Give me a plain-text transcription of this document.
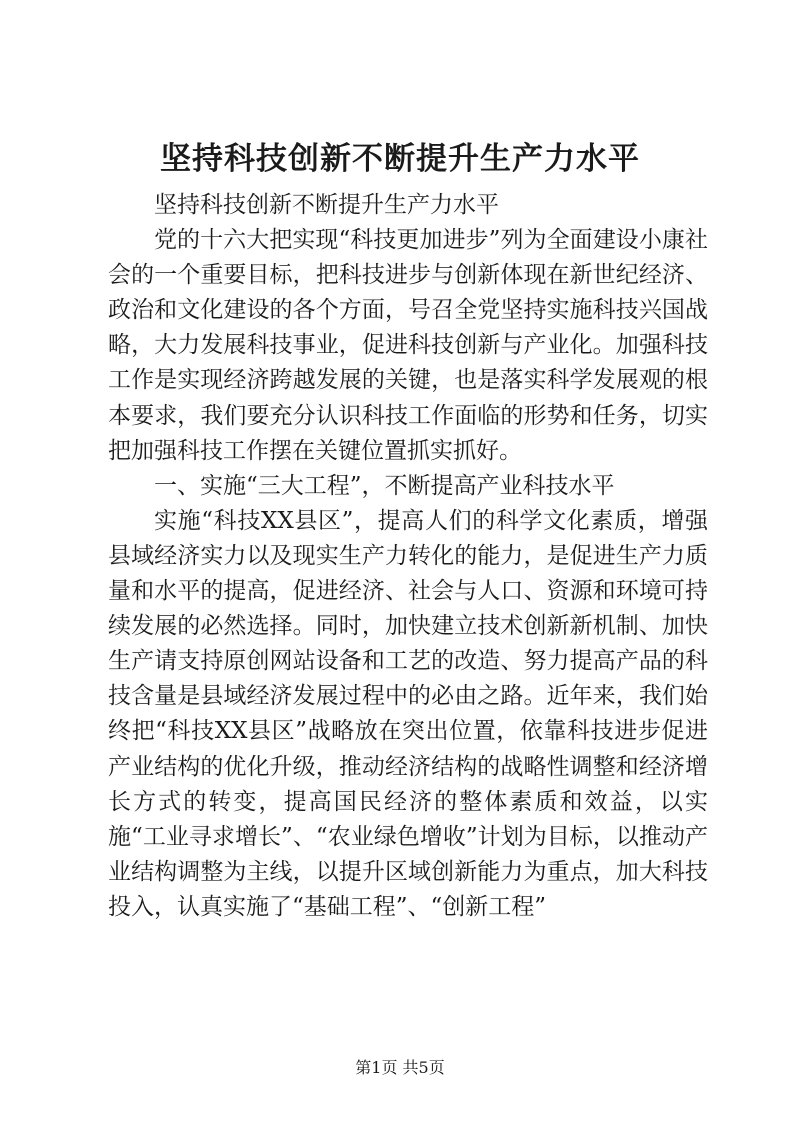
坚持科技创新不断提升生产力水平

坚持科技创新不断提升生产力水平

党的十六大把实现“科技更加进步”列为全面建设小康社会的一个重要目标，把科技进步与创新体现在新世纪经济、政治和文化建设的各个方面，号召全党坚持实施科技兴国战略，大力发展科技事业，促进科技创新与产业化。加强科技工作是实现经济跨越发展的关键，也是落实科学发展观的根本要求，我们要充分认识科技工作面临的形势和任务，切实把加强科技工作摆在关键位置抓实抓好。

一、实施“三大工程”，不断提高产业科技水平

实施“科技XX县区”，提高人们的科学文化素质，增强县域经济实力以及现实生产力转化的能力，是促进生产力质量和水平的提高，促进经济、社会与人口、资源和环境可持续发展的必然选择。同时，加快建立技术创新新机制、加快生产请支持原创网站设备和工艺的改造、努力提高产品的科技含量是县域经济发展过程中的必由之路。近年来，我们始终把“科技XX县区”战略放在突出位置，依靠科技进步促进产业结构的优化升级，推动经济结构的战略性调整和经济增长方式的转变，提高国民经济的整体素质和效益，以实施“工业寻求增长”、“农业绿色增收”计划为目标，以推动产业结构调整为主线，以提升区域创新能力为重点，加大科技投入，认真实施了“基础工程”、“创新工程”

第1页 共5页
